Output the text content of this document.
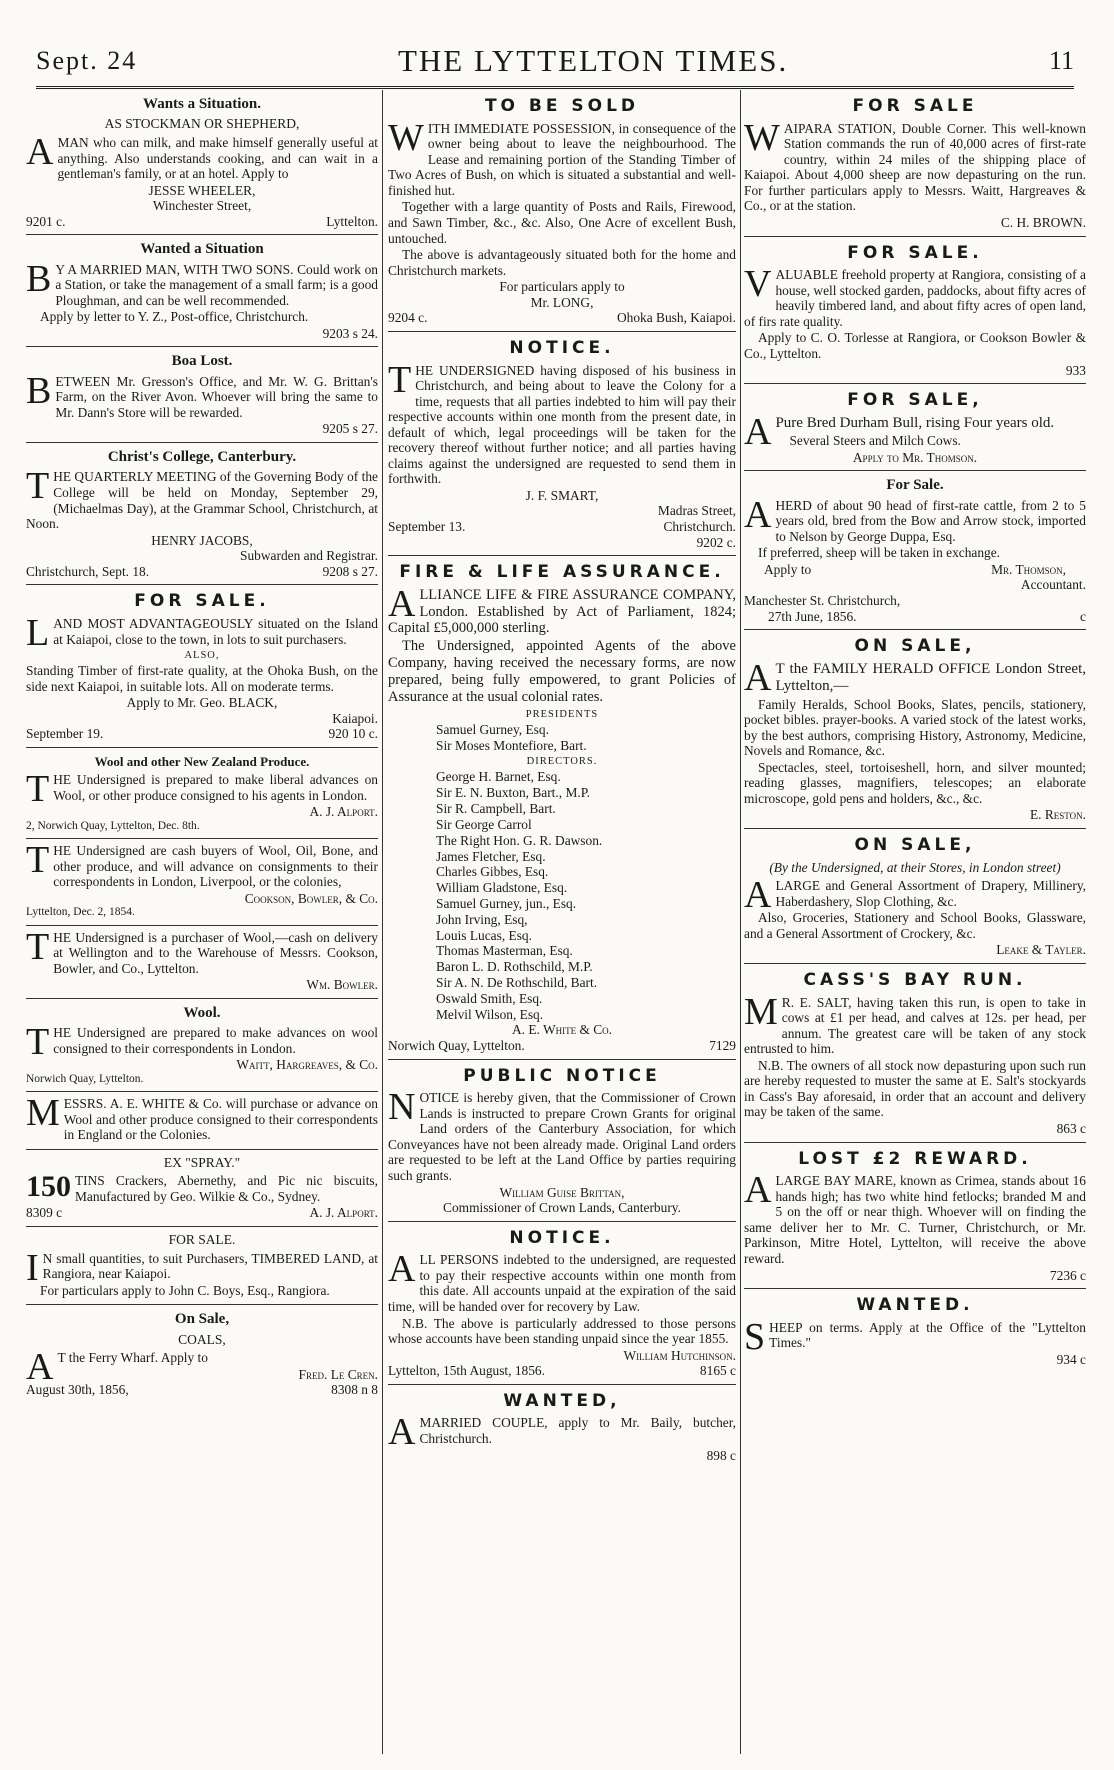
Sept. 24	THE LYTTELTON TIMES.	11
Wants a Situation.
AS STOCKMAN OR SHEPHERD,
AMAN who can milk, and make himself generally useful at anything. Also understands cooking, and can wait in a gentleman's family, or at an hotel. Apply to
JESSE WHEELER,
Winchester Street,
9201 c.	Lyttelton.
Wanted a Situation
B Y A MARRIED MAN, WITH TWO SONS. Could work on a Station, or take the management of a small farm; is a good Ploughman, and can be well recommended.
Apply by letter to Y. Z., Post-office, Christchurch.
9203 s 24.
Boa Lost.
BETWEEN Mr. Gresson's Office, and Mr. W. G. Brittan's Farm, on the River Avon. Whoever will bring the same to Mr. Dann's Store will be rewarded.
9205 s 27.
Christ's College, Canterbury.
THE QUARTERLY MEETING of the Governing Body of the College will be held on Monday, September 29, (Michaelmas Day), at the Grammar School, Christchurch, at Noon.
HENRY JACOBS,
Subwarden and Registrar.
Christchurch, Sept. 18.	9208 s 27.
FOR SALE.
LAND MOST ADVANTAGEOUSLY situated on the Island at Kaiapoi, close to the town, in lots to suit purchasers.
ALSO,
Standing Timber of first-rate quality, at the Ohoka Bush, on the side next Kaiapoi, in suitable lots. All on moderate terms.
Apply to Mr. Geo. BLACK,
Kaiapoi.
September 19.	920 10 c.
Wool and other New Zealand Produce.
THE Undersigned is prepared to make liberal advances on Wool, or other produce consigned to his agents in London.
A. J. Alport.
2, Norwich Quay, Lyttelton, Dec. 8th.
THE Undersigned are cash buyers of Wool, Oil, Bone, and other produce, and will advance on consignments to their correspondents in London, Liverpool, or the colonies,
Cookson, Bowler, & Co.
Lyttelton, Dec. 2, 1854.
THE Undersigned is a purchaser of Wool,—cash on delivery at Wellington and to the Warehouse of Messrs. Cookson, Bowler, and Co., Lyttelton.
Wm. Bowler.
Wool.
THE Undersigned are prepared to make advances on wool consigned to their correspondents in London.
Waitt, Hargreaves, & Co.
Norwich Quay, Lyttelton.
MESSRS. A. E. WHITE & Co. will purchase or advance on Wool and other produce consigned to their correspondents in England or the Colonies.
EX "SPRAY."
150 TINS Crackers, Abernethy, and Pic nic biscuits, Manufactured by Geo. Wilkie & Co., Sydney.
8309 c	A. J. Alport.
FOR SALE.
I N small quantities, to suit Purchasers, TIMBERED LAND, at Rangiora, near Kaiapoi.
For particulars apply to John C. Boys, Esq., Rangiora.
On Sale,
COALS,
A T the Ferry Wharf. Apply to
Fred. Le Cren.
August 30th, 1856,	8308 n 8
TO BE SOLD
WITH IMMEDIATE POSSESSION, in consequence of the owner being about to leave the neighbourhood. The Lease and remaining portion of the Standing Timber of Two Acres of Bush, on which is situated a substantial and well-finished hut.
Together with a large quantity of Posts and Rails, Firewood, and Sawn Timber, &c., &c. Also, One Acre of excellent Bush, untouched.
The above is advantageously situated both for the home and Christchurch markets.
For particulars apply to
Mr. LONG,
9204 c.	Ohoka Bush, Kaiapoi.
NOTICE.
THE UNDERSIGNED having disposed of his business in Christchurch, and being about to leave the Colony for a time, requests that all parties indebted to him will pay their respective accounts within one month from the present date, in default of which, legal proceedings will be taken for the recovery thereof without further notice; and all parties having claims against the undersigned are requested to send them in forthwith.
J. F. SMART,
Madras Street,
September 13.	Christchurch.
9202 c.
FIRE & LIFE ASSURANCE.
ALLIANCE LIFE & FIRE ASSURANCE COMPANY, London. Established by Act of Parliament, 1824; Capital £5,000,000 sterling.
The Undersigned, appointed Agents of the above Company, having received the necessary forms, are now prepared, being fully empowered, to grant Policies of Assurance at the usual colonial rates.
PRESIDENTS
Samuel Gurney, Esq.
Sir Moses Montefiore, Bart.
DIRECTORS.
George H. Barnet, Esq.
Sir E. N. Buxton, Bart., M.P.
Sir R. Campbell, Bart.
Sir George Carrol
The Right Hon. G. R. Dawson.
James Fletcher, Esq.
Charles Gibbes, Esq.
William Gladstone, Esq.
Samuel Gurney, jun., Esq.
John Irving, Esq,
Louis Lucas, Esq.
Thomas Masterman, Esq.
Baron L. D. Rothschild, M.P.
Sir A. N. De Rothschild, Bart.
Oswald Smith, Esq.
Melvil Wilson, Esq.
A. E. White & Co.
Norwich Quay, Lyttelton.	7129
PUBLIC NOTICE
NOTICE is hereby given, that the Commissioner of Crown Lands is instructed to prepare Crown Grants for original Land orders of the Canterbury Association, for which Conveyances have not been already made. Original Land orders are requested to be left at the Land Office by parties requiring such grants.
William Guise Brittan,
Commissioner of Crown Lands, Canterbury.
NOTICE.
ALL PERSONS indebted to the undersigned, are requested to pay their respective accounts within one month from this date. All accounts unpaid at the expiration of the said time, will be handed over for recovery by Law.
N.B. The above is particularly addressed to those persons whose accounts have been standing unpaid since the year 1855.
William Hutchinson.
Lyttelton, 15th August, 1856.	8165 c
WANTED,
AMARRIED COUPLE, apply to Mr. Baily, butcher, Christchurch.
898 c
FOR SALE
WAIPARA STATION, Double Corner. This well-known Station commands the run of 40,000 acres of first-rate country, within 24 miles of the shipping place of Kaiapoi. About 4,000 sheep are now depasturing on the run. For further particulars apply to Messrs. Waitt, Hargreaves & Co., or at the station.
C. H. BROWN.
FOR SALE.
VALUABLE freehold property at Rangiora, consisting of a house, well stocked garden, paddocks, about fifty acres of heavily timbered land, and about fifty acres of open land, of firs rate quality.
Apply to C. O. Torlesse at Rangiora, or Cookson Bowler & Co., Lyttelton.
933
FOR SALE,
A Pure Bred Durham Bull, rising Four years old.
Several Steers and Milch Cows.
Apply to Mr. Thomson.
For Sale.
AHERD of about 90 head of first-rate cattle, from 2 to 5 years old, bred from the Bow and Arrow stock, imported to Nelson by George Duppa, Esq.
If preferred, sheep will be taken in exchange.
Apply to	Mr. Thomson,
Accountant.
Manchester St. Christchurch,
27th June, 1856.	c
ON SALE,
A T the FAMILY HERALD OFFICE London Street, Lyttelton,—
Family Heralds, School Books, Slates, pencils, stationery, pocket bibles. prayer-books. A varied stock of the latest works, by the best authors, comprising History, Astronomy, Medicine, Novels and Romance, &c.
Spectacles, steel, tortoiseshell, horn, and silver mounted; reading glasses, magnifiers, telescopes; an elaborate microscope, gold pens and holders, &c., &c.
E. Reston.
ON SALE,
(By the Undersigned, at their Stores, in London street)
ALARGE and General Assortment of Drapery, Millinery, Haberdashery, Slop Clothing, &c.
Also, Groceries, Stationery and School Books, Glassware, and a General Assortment of Crockery, &c.
Leake & Tayler.
CASS'S BAY RUN.
M R. E. SALT, having taken this run, is open to take in cows at £1 per head, and calves at 12s. per head, per annum. The greatest care will be taken of any stock entrusted to him.
N.B. The owners of all stock now depasturing upon such run are hereby requested to muster the same at E. Salt's stockyards in Cass's Bay aforesaid, in order that an account and delivery may be taken of the same.
863 c
LOST £2 REWARD.
ALARGE BAY MARE, known as Crimea, stands about 16 hands high; has two white hind fetlocks; branded M and 5 on the off or near thigh. Whoever will on finding the same deliver her to Mr. C. Turner, Christchurch, or Mr. Parkinson, Mitre Hotel, Lyttelton, will receive the above reward.
7236 c
WANTED.
SHEEP on terms. Apply at the Office of the "Lyttelton Times."
934 c
